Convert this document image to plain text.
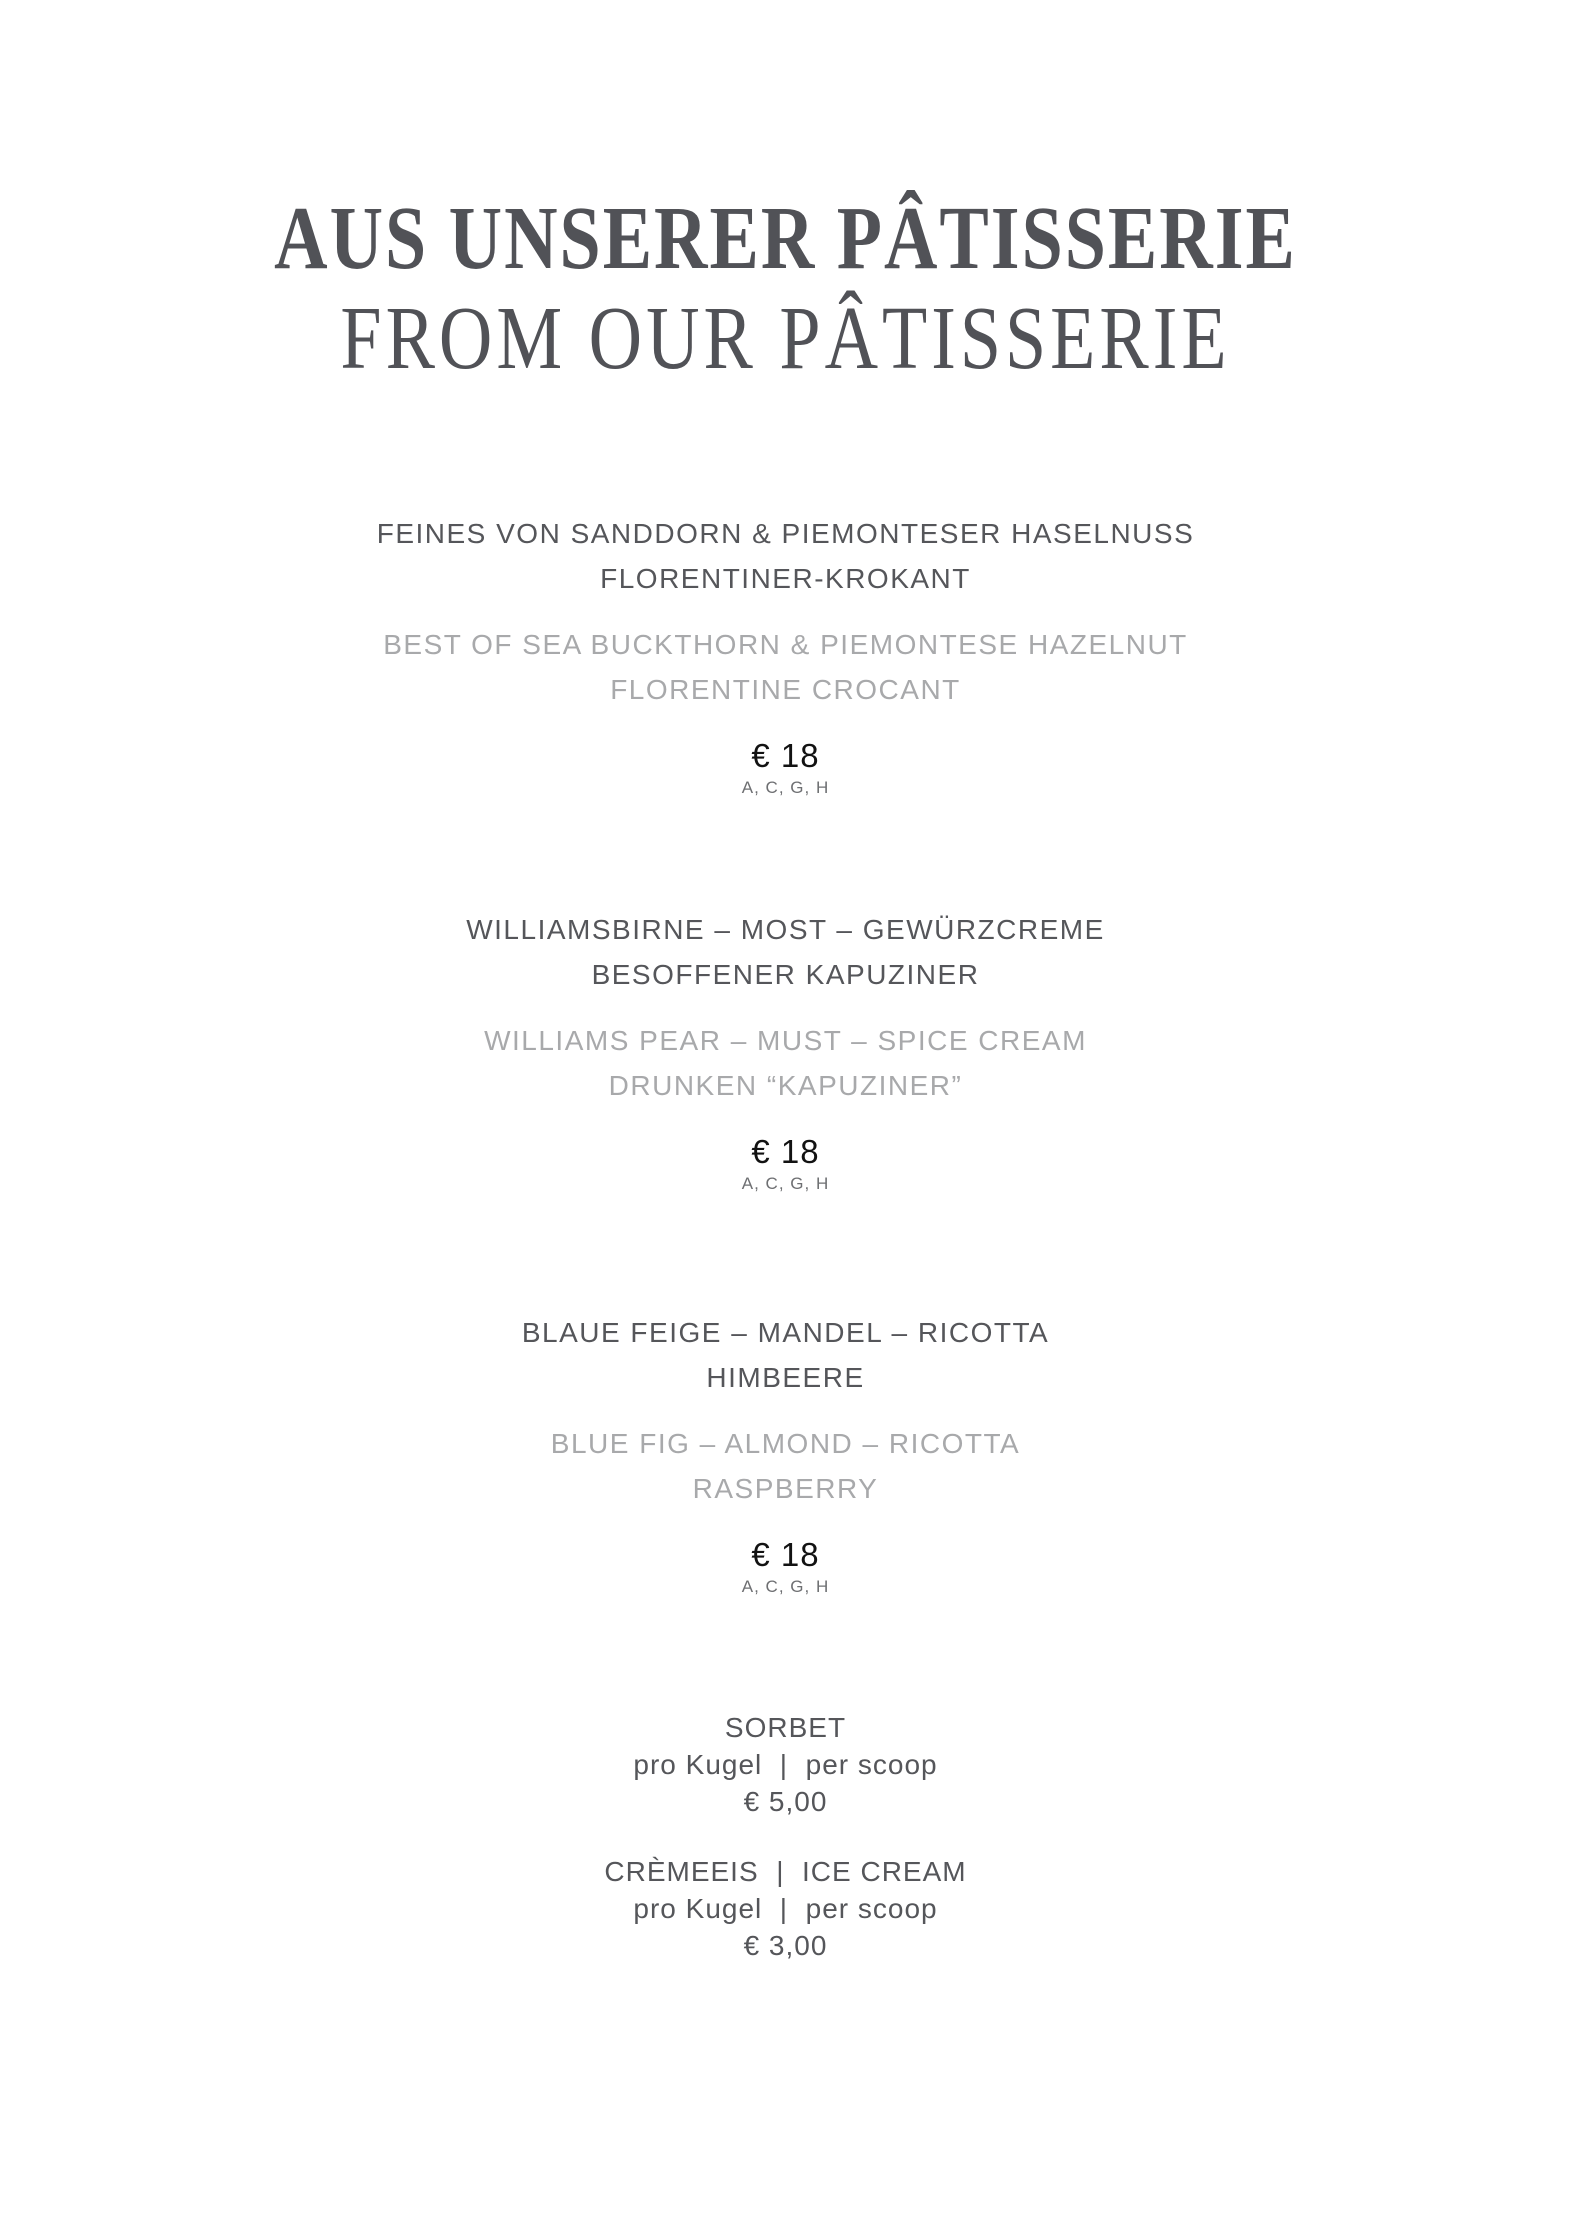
AUS UNSERER PÂTISSERIE
FROM OUR PÂTISSERIE
FEINES VON SANDDORN & PIEMONTESER HASELNUSS
FLORENTINER-KROKANT
BEST OF SEA BUCKTHORN & PIEMONTESE HAZELNUT
FLORENTINE CROCANT
€ 18
A, C, G, H
WILLIAMSBIRNE – MOST – GEWÜRZCREME
BESOFFENER KAPUZINER
WILLIAMS PEAR – MUST – SPICE CREAM
DRUNKEN “KAPUZINER”
€ 18
A, C, G, H
BLAUE FEIGE – MANDEL – RICOTTA
HIMBEERE
BLUE FIG – ALMOND – RICOTTA
RASPBERRY
€ 18
A, C, G, H
SORBET
pro Kugel  |  per scoop
€ 5,00
CRÈMEEIS  |  ICE CREAM
pro Kugel  |  per scoop
€ 3,00
